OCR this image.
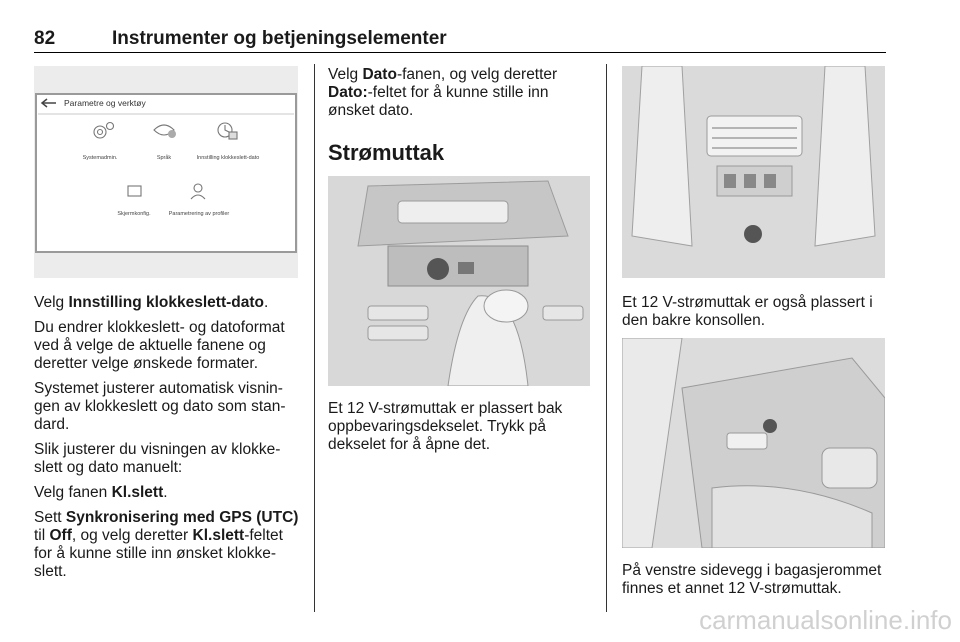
82	Instrumenter og betjeningselementer
Parametre og verktøy
Systemadmin.	Språk	Innstilling klokkeslett-dato
Skjermkonfig.	Parametrering av profiler

Velg Innstilling klokkeslett-dato.

Du endrer klokkeslett- og datoformat ved å velge de aktuelle fanene og deretter velge ønskede formater.

Systemet justerer automatisk visnin-gen av klokkeslett og dato som stan-dard.

Slik justerer du visningen av klokke-slett og dato manuelt:

Velg fanen Kl.slett.

Sett Synkronisering med GPS (UTC) til Off, og velg deretter Kl.slett-feltet for å kunne stille inn ønsket klokke-slett.

Velg Dato-fanen, og velg deretter Dato:-feltet for å kunne stille inn ønsket dato.

Strømuttak

Et 12 V-strømuttak er plassert bak oppbevaringsdekselet. Trykk på dekselet for å åpne det.

Et 12 V-strømuttak er også plassert i den bakre konsollen.

På venstre sidevegg i bagasjerommet finnes et annet 12 V-strømuttak.

carmanualsonline.info
